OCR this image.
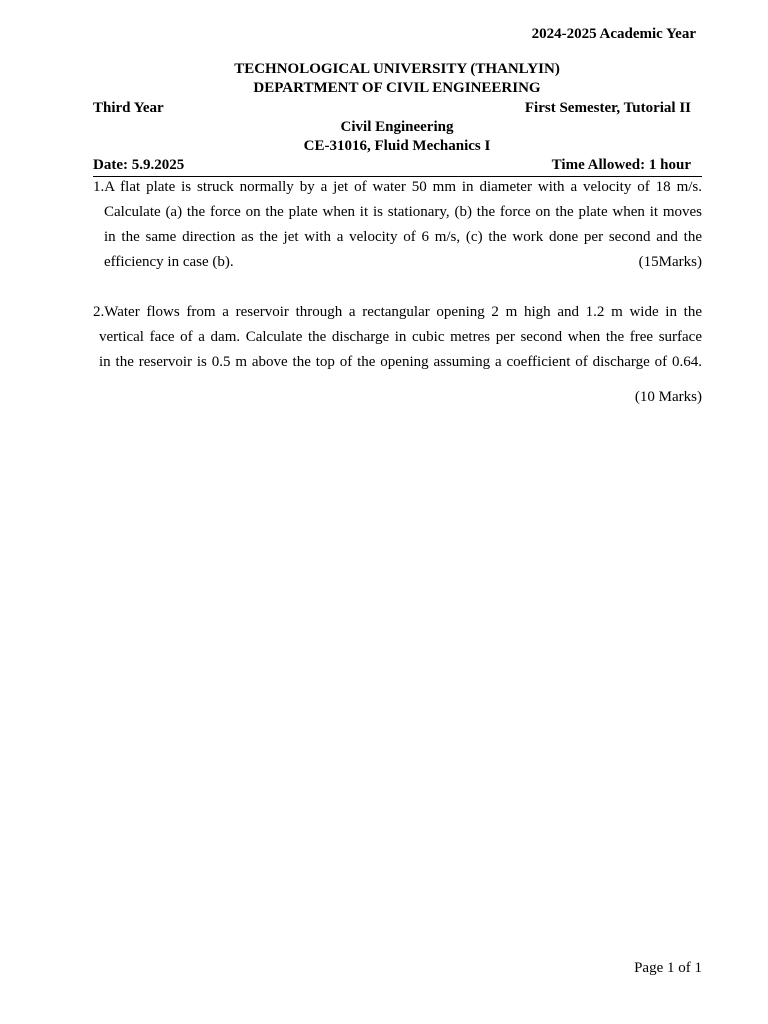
2024-2025 Academic Year
TECHNOLOGICAL UNIVERSITY (THANLYIN)
DEPARTMENT OF CIVIL ENGINEERING
Third Year	First Semester, Tutorial II
Civil Engineering
CE-31016, Fluid Mechanics I
Date: 5.9.2025	Time Allowed: 1 hour
1.A flat plate is struck normally by a jet of water 50 mm in diameter with a velocity of 18 m/s.
Calculate (a) the force on the plate when it is stationary, (b) the force on the plate when it moves
in the same direction as the jet with a velocity of 6 m/s, (c) the work done per second and the
efficiency in case (b).	(15Marks)
2.Water flows from a reservoir through a rectangular opening 2 m high and 1.2 m wide in the
vertical face of a dam. Calculate the discharge in cubic metres per second when the free surface
in the reservoir is 0.5 m above the top of the opening assuming a coefficient of discharge of 0.64.
(10 Marks)
Page 1 of 1
